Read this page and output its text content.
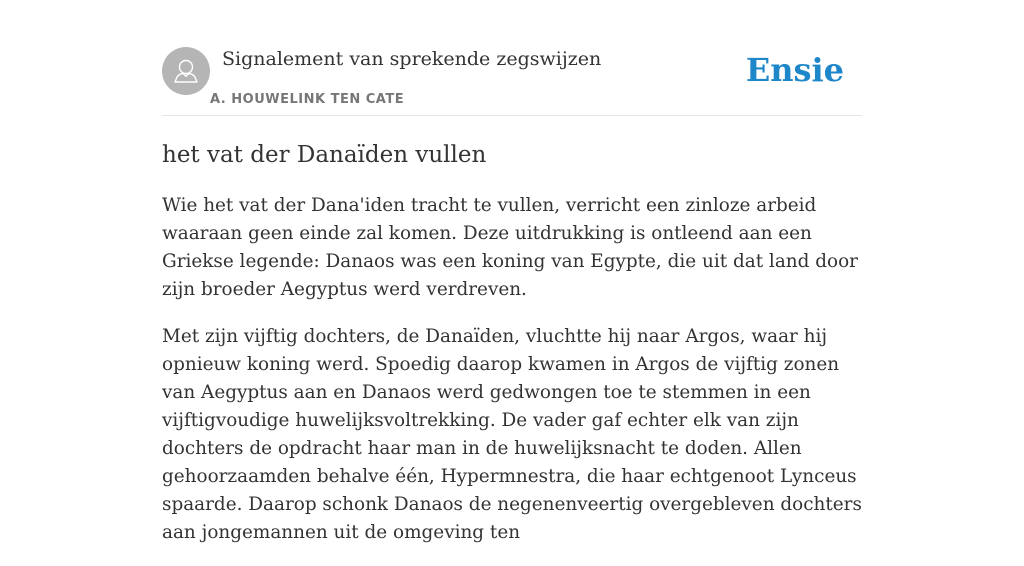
Signalement van sprekende zegswijzen
A. HOUWELINK TEN CATE
Ensie
het vat der Danaïden vullen

Wie het vat der Dana'iden tracht te vullen, verricht een zinloze arbeid waaraan geen einde zal komen. Deze uitdrukking is ontleend aan een Griekse legende: Danaos was een koning van Egypte, die uit dat land door zijn broeder Aegyptus werd verdreven.

Met zijn vijftig dochters, de Danaïden, vluchtte hij naar Argos, waar hij opnieuw koning werd. Spoedig daarop kwamen in Argos de vijftig zonen van Aegyptus aan en Danaos werd gedwongen toe te stemmen in een vijftigvoudige huwelijksvoltrekking. De vader gaf echter elk van zijn dochters de opdracht haar man in de huwelijksnacht te doden. Allen gehoorzaamden behalve één, Hypermnestra, die haar echtgenoot Lynceus spaarde. Daarop schonk Danaos de negenenveertig overgebleven dochters aan jongemannen uit de omgeving ten
